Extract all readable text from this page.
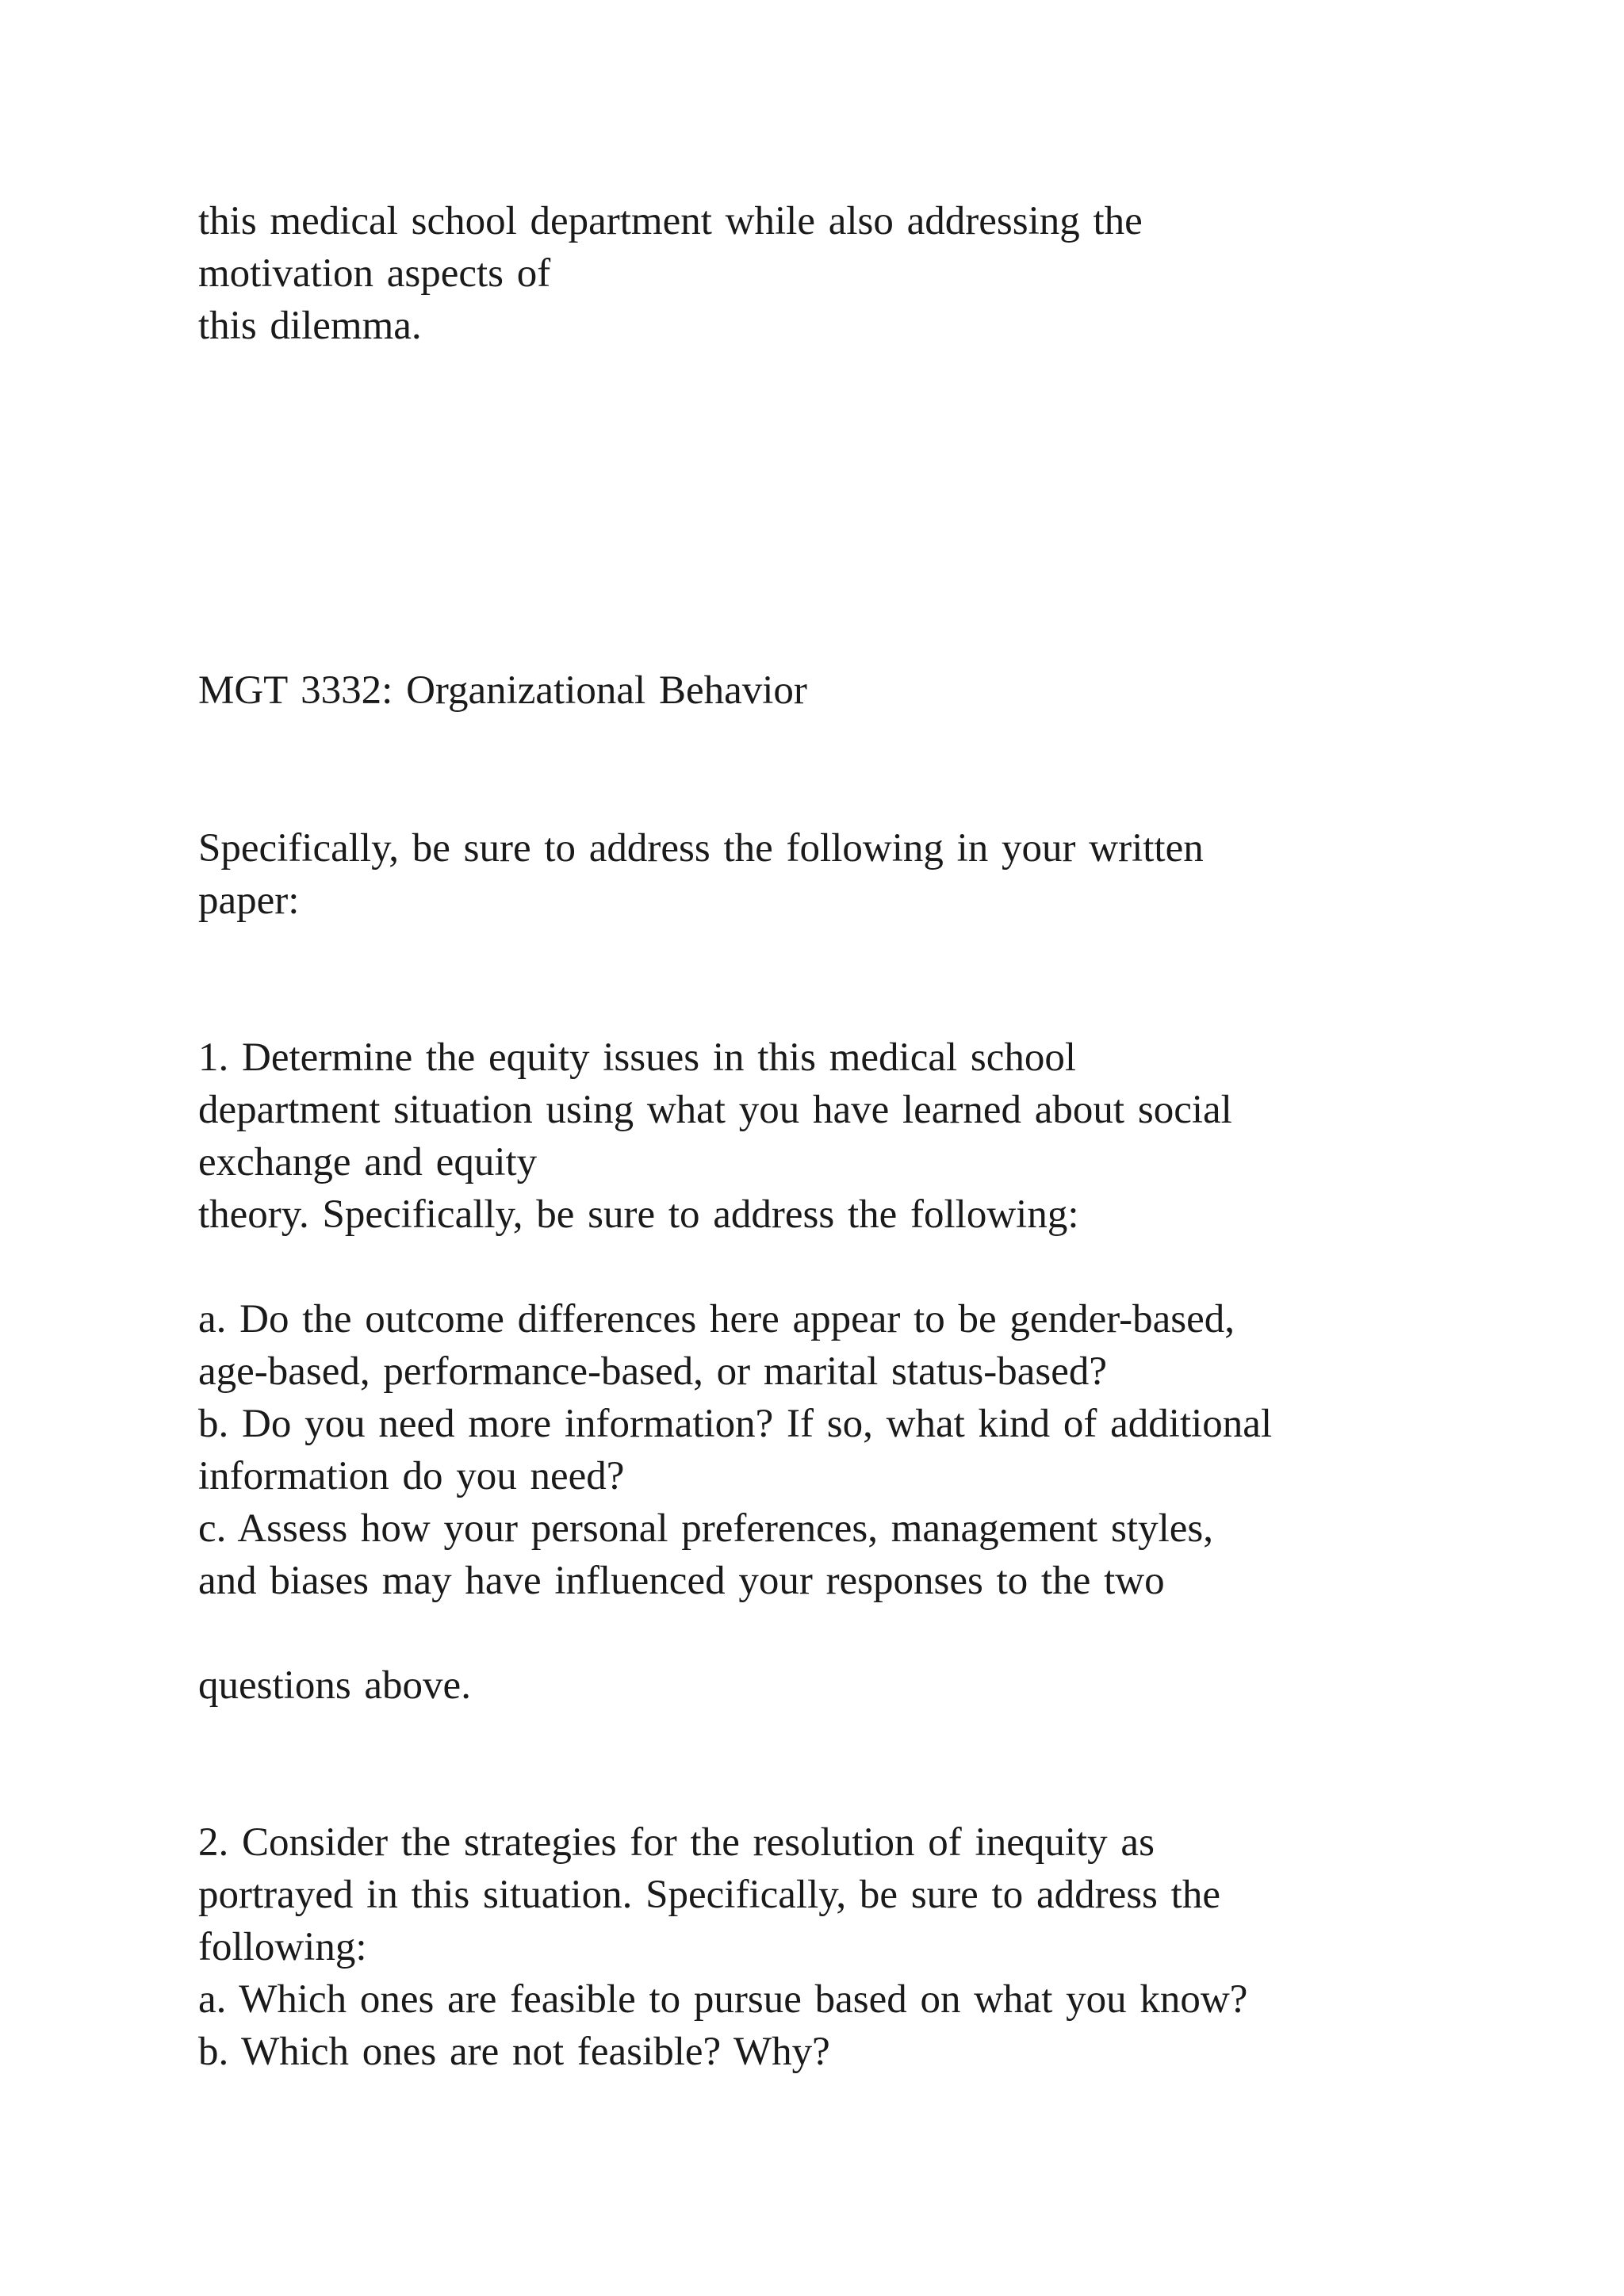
this medical school department while also addressing the

motivation aspects of

this dilemma.

MGT 3332: Organizational Behavior

Specifically, be sure to address the following in your written

paper:

1. Determine the equity issues in this medical school

department situation using what you have learned about social

exchange and equity

theory. Specifically, be sure to address the following:

a. Do the outcome differences here appear to be gender-based,

age-based, performance-based, or marital status-based?

b. Do you need more information? If so, what kind of additional

information do you need?

c. Assess how your personal preferences, management styles,

and biases may have influenced your responses to the two

questions above.

2. Consider the strategies for the resolution of inequity as

portrayed in this situation. Specifically, be sure to address the

following:

a. Which ones are feasible to pursue based on what you know?

b. Which ones are not feasible? Why?
